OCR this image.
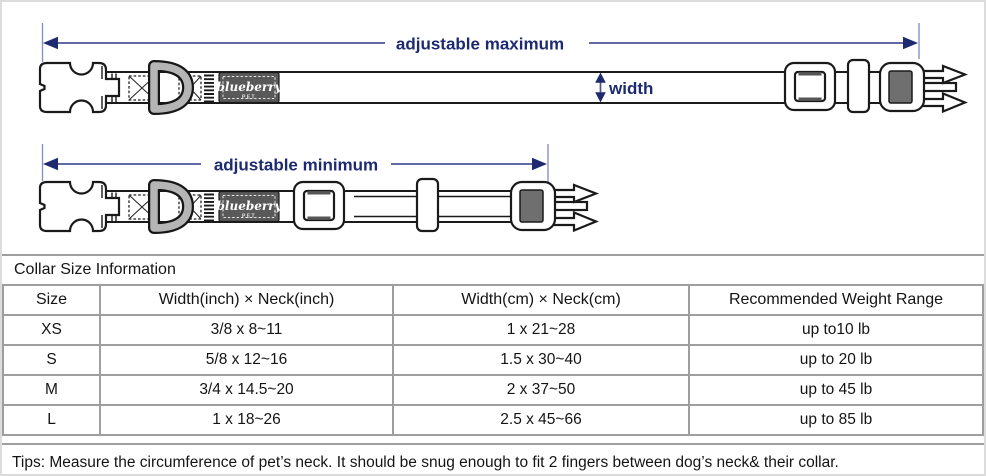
adjustable maximum
width
adjustable minimum
Collar Size Information
Size	Width(inch) × Neck(inch)	Width(cm) × Neck(cm)	Recommended Weight Range
XS	3/8 x 8~11	1 x 21~28	up to10 lb
S	5/8 x 12~16	1.5 x 30~40	up to 20 lb
M	3/4 x 14.5~20	2 x 37~50	up to 45 lb
L	1 x 18~26	2.5 x 45~66	up to 85 lb
Tips: Measure the circumference of pet’s neck. It should be snug enough to fit 2 fingers between dog’s neck& their collar.
